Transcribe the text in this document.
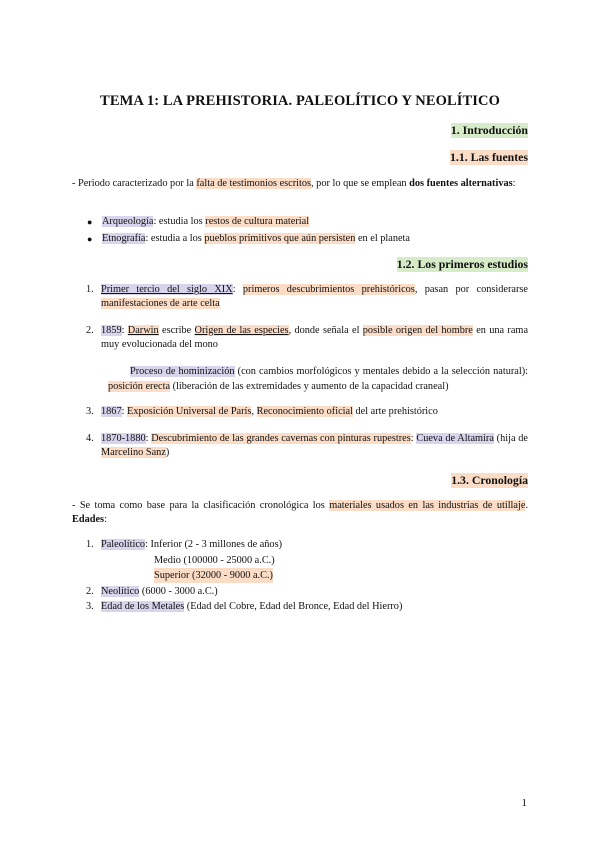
TEMA 1: LA PREHISTORIA. PALEOLÍTICO Y NEOLÍTICO
1. Introducción
1.1. Las fuentes
- Periodo caracterizado por la falta de testimonios escritos, por lo que se emplean dos fuentes alternativas:
● Arqueología: estudia los restos de cultura material
● Etnografía: estudia a los pueblos primitivos que aún persisten en el planeta
1.2. Los primeros estudios
1. Primer tercio del siglo XIX: primeros descubrimientos prehistóricos, pasan por considerarse manifestaciones de arte celta
2. 1859: Darwin escribe Origen de las especies, donde señala el posible origen del hombre en una rama muy evolucionada del mono
Proceso de hominización (con cambios morfológicos y mentales debido a la selección natural): posición erecta (liberación de las extremidades y aumento de la capacidad craneal)
3. 1867: Exposición Universal de París, Reconocimiento oficial del arte prehistórico
4. 1870-1880: Descubrimiento de las grandes cavernas con pinturas rupestres: Cueva de Altamira (hija de Marcelino Sanz)
1.3. Cronología
- Se toma como base para la clasificación cronológica los materiales usados en las industrias de utillaje. Edades:
1. Paleolítico: Inferior (2 - 3 millones de años)
Medio (100000 - 25000 a.C.)
Superior (32000 - 9000 a.C.)
2. Neolítico (6000 - 3000 a.C.)
3. Edad de los Metales (Edad del Cobre, Edad del Bronce, Edad del Hierro)
1
